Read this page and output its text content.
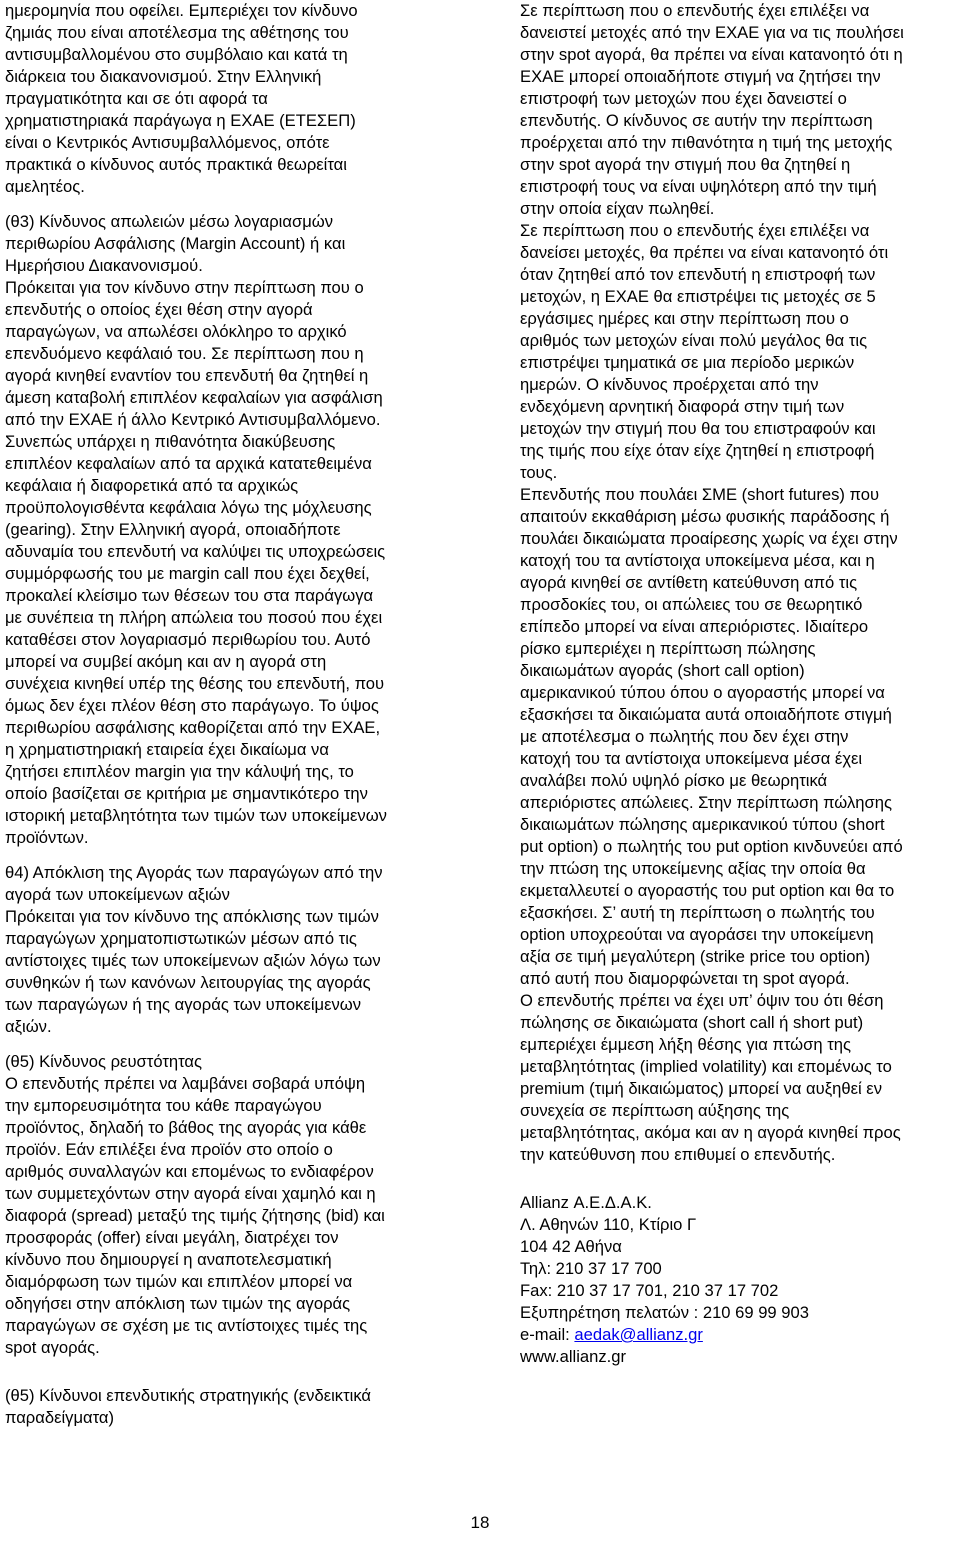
ημερομηνία που οφείλει. Εμπεριέχει τον κίνδυνο
ζημιάς που είναι αποτέλεσμα της αθέτησης του
αντισυμβαλλομένου στο συμβόλαιο και κατά τη
διάρκεια του διακανονισμού. Στην Ελληνική
πραγματικότητα και σε ότι αφορά τα
χρηματιστηριακά παράγωγα η ΕΧΑΕ (ΕΤΕΣΕΠ)
είναι ο Κεντρικός Αντισυμβαλλόμενος, οπότε
πρακτικά ο κίνδυνος αυτός πρακτικά θεωρείται
αμελητέος.
(θ3) Κίνδυνος απωλειών μέσω λογαριασμών
περιθωρίου Ασφάλισης (Margin Account) ή και
Ημερήσιου Διακανονισμού.
Πρόκειται για τον κίνδυνο στην περίπτωση που ο
επενδυτής ο οποίος έχει θέση στην αγορά
παραγώγων, να απωλέσει ολόκληρο το αρχικό
επενδυόμενο κεφάλαιό του. Σε περίπτωση που η
αγορά κινηθεί εναντίον του επενδυτή θα ζητηθεί η
άμεση καταβολή επιπλέον κεφαλαίων για ασφάλιση
από την ΕΧΑΕ ή άλλο Κεντρικό Αντισυμβαλλόμενο.
Συνεπώς υπάρχει η πιθανότητα διακύβευσης
επιπλέον κεφαλαίων από τα αρχικά κατατεθειμένα
κεφάλαια ή διαφορετικά από τα αρχικώς
προϋπολογισθέντα κεφάλαια λόγω της μόχλευσης
(gearing). Στην Ελληνική αγορά, οποιαδήποτε
αδυναμία του επενδυτή να καλύψει τις υποχρεώσεις
συμμόρφωσής του με margin call που έχει δεχθεί,
προκαλεί κλείσιμο των θέσεων του στα παράγωγα
με συνέπεια τη πλήρη απώλεια του ποσού που έχει
καταθέσει στον λογαριασμό περιθωρίου του. Αυτό
μπορεί να συμβεί ακόμη και αν η αγορά στη
συνέχεια κινηθεί υπέρ της θέσης του επενδυτή, που
όμως δεν έχει πλέον θέση στο παράγωγο. Το ύψος
περιθωρίου ασφάλισης καθορίζεται από την ΕΧΑΕ,
η χρηματιστηριακή εταιρεία έχει δικαίωμα να
ζητήσει επιπλέον margin για την κάλυψή της, το
οποίο βασίζεται σε κριτήρια με σημαντικότερο την
ιστορική μεταβλητότητα των τιμών των υποκείμενων
προϊόντων.
θ4) Απόκλιση της Αγοράς των παραγώγων από την
αγορά των υποκείμενων αξιών
Πρόκειται για τον κίνδυνο της απόκλισης των τιμών
παραγώγων χρηματοπιστωτικών μέσων από τις
αντίστοιχες τιμές των υποκείμενων αξιών λόγω των
συνθηκών ή των κανόνων λειτουργίας της αγοράς
των παραγώγων ή της αγοράς των υποκείμενων
αξιών.
(θ5) Κίνδυνος ρευστότητας
Ο επενδυτής πρέπει να λαμβάνει σοβαρά υπόψη
την εμπορευσιμότητα του κάθε παραγώγου
προϊόντος, δηλαδή το βάθος της αγοράς για κάθε
προϊόν. Εάν επιλέξει ένα προϊόν στο οποίο ο
αριθμός συναλλαγών και επομένως το ενδιαφέρον
των συμμετεχόντων στην αγορά είναι χαμηλό και η
διαφορά (spread) μεταξύ της τιμής ζήτησης (bid) και
προσφοράς (offer) είναι μεγάλη, διατρέχει τον
κίνδυνο που δημιουργεί η αναποτελεσματική
διαμόρφωση των τιμών και επιπλέον μπορεί να
οδηγήσει στην απόκλιση των τιμών της αγοράς
παραγώγων σε σχέση με τις αντίστοιχες τιμές της
spot αγοράς.
(θ5) Κίνδυνοι επενδυτικής στρατηγικής (ενδεικτικά
παραδείγματα)
Σε περίπτωση που ο επενδυτής έχει επιλέξει να
δανειστεί μετοχές από την ΕΧΑΕ για να τις πουλήσει
στην spot αγορά, θα πρέπει να είναι κατανοητό ότι η
ΕΧΑΕ μπορεί οποιαδήποτε στιγμή να ζητήσει την
επιστροφή των μετοχών που έχει δανειστεί ο
επενδυτής. Ο κίνδυνος σε αυτήν την περίπτωση
προέρχεται από την πιθανότητα η τιμή της μετοχής
στην spot αγορά την στιγμή που θα ζητηθεί η
επιστροφή τους να είναι υψηλότερη από την τιμή
στην οποία είχαν πωληθεί.
Σε περίπτωση που ο επενδυτής έχει επιλέξει να
δανείσει μετοχές, θα πρέπει να είναι κατανοητό ότι
όταν ζητηθεί από τον επενδυτή η επιστροφή των
μετοχών, η ΕΧΑΕ θα επιστρέψει τις μετοχές σε 5
εργάσιμες ημέρες και στην περίπτωση που ο
αριθμός των μετοχών είναι πολύ μεγάλος θα τις
επιστρέψει τμηματικά σε μια περίοδο μερικών
ημερών. Ο κίνδυνος προέρχεται από την
ενδεχόμενη αρνητική διαφορά στην τιμή των
μετοχών την στιγμή που θα του επιστραφούν και
της τιμής που είχε όταν είχε ζητηθεί η επιστροφή
τους.
Επενδυτής που πουλάει ΣΜΕ (short futures) που
απαιτούν εκκαθάριση μέσω φυσικής παράδοσης ή
πουλάει δικαιώματα προαίρεσης χωρίς να έχει στην
κατοχή του τα αντίστοιχα υποκείμενα μέσα, και η
αγορά κινηθεί σε αντίθετη κατεύθυνση από τις
προσδοκίες του, οι απώλειες του σε θεωρητικό
επίπεδο μπορεί να είναι απεριόριστες. Ιδιαίτερο
ρίσκο εμπεριέχει η περίπτωση πώλησης
δικαιωμάτων αγοράς (short call option)
αμερικανικού τύπου όπου ο αγοραστής μπορεί να
εξασκήσει τα δικαιώματα αυτά οποιαδήποτε στιγμή
με αποτέλεσμα ο πωλητής που δεν έχει στην
κατοχή του τα αντίστοιχα υποκείμενα μέσα έχει
αναλάβει πολύ υψηλό ρίσκο με θεωρητικά
απεριόριστες απώλειες. Στην περίπτωση πώλησης
δικαιωμάτων πώλησης αμερικανικού τύπου (short
put option) ο πωλητής του put option κινδυνεύει από
την πτώση της υποκείμενης αξίας την οποία θα
εκμεταλλευτεί ο αγοραστής του put option και θα το
εξασκήσει. Σ’ αυτή τη περίπτωση ο πωλητής του
option υποχρεούται να αγοράσει την υποκείμενη
αξία σε τιμή μεγαλύτερη (strike price του option)
από αυτή που διαμορφώνεται τη spot αγορά.
Ο επενδυτής πρέπει να έχει υπ’ όψιν του ότι θέση
πώλησης σε δικαιώματα (short call ή short put)
εμπεριέχει έμμεση λήξη θέσης για πτώση της
μεταβλητότητας (implied volatility) και επομένως το
premium (τιμή δικαιώματος) μπορεί να αυξηθεί εν
συνεχεία σε περίπτωση αύξησης της
μεταβλητότητας, ακόμα και αν η αγορά κινηθεί προς
την κατεύθυνση που επιθυμεί ο επενδυτής.
Allianz Α.Ε.Δ.Α.Κ.
Λ. Αθηνών 110, Κτίριο Γ
104 42 Αθήνα
Τηλ: 210 37 17 700
Fax: 210 37 17 701, 210 37 17 702
Εξυπηρέτηση πελατών : 210 69 99 903
e-mail: aedak@allianz.gr
www.allianz.gr
18
